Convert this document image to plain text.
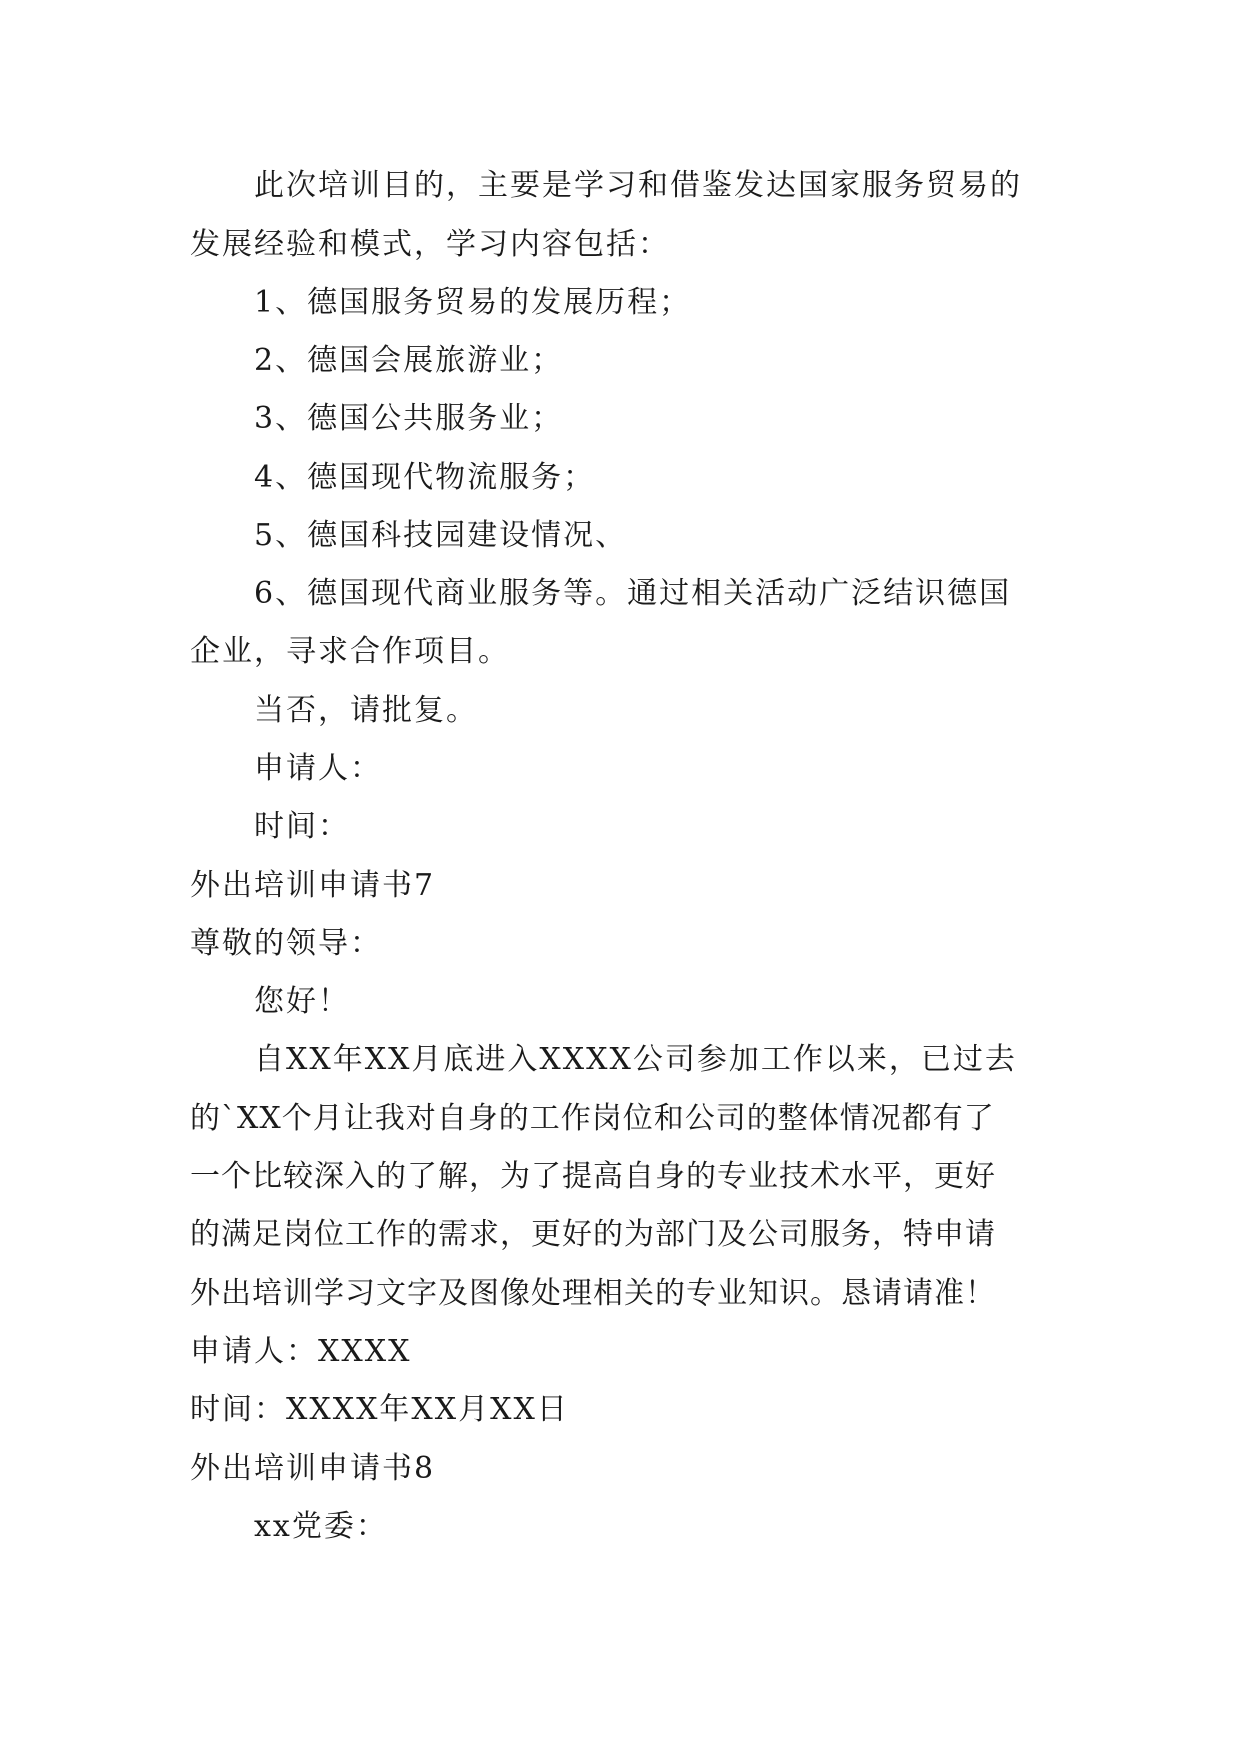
此次培训目的，主要是学习和借鉴发达国家服务贸易的
发展经验和模式，学习内容包括：
1、德国服务贸易的发展历程；
2、德国会展旅游业；
3、德国公共服务业；
4、德国现代物流服务；
5、德国科技园建设情况、
6、德国现代商业服务等。通过相关活动广泛结识德国
企业，寻求合作项目。
当否，请批复。
申请人：
时间：
外出培训申请书7
尊敬的领导：
您好！
自XX年XX月底进入XXXX公司参加工作以来，已过去
的`XX个月让我对自身的工作岗位和公司的整体情况都有了
一个比较深入的了解，为了提高自身的专业技术水平，更好
的满足岗位工作的需求，更好的为部门及公司服务，特申请
外出培训学习文字及图像处理相关的专业知识。恳请请准！
申请人：XXXX
时间：XXXX年XX月XX日
外出培训申请书8
xx党委：
